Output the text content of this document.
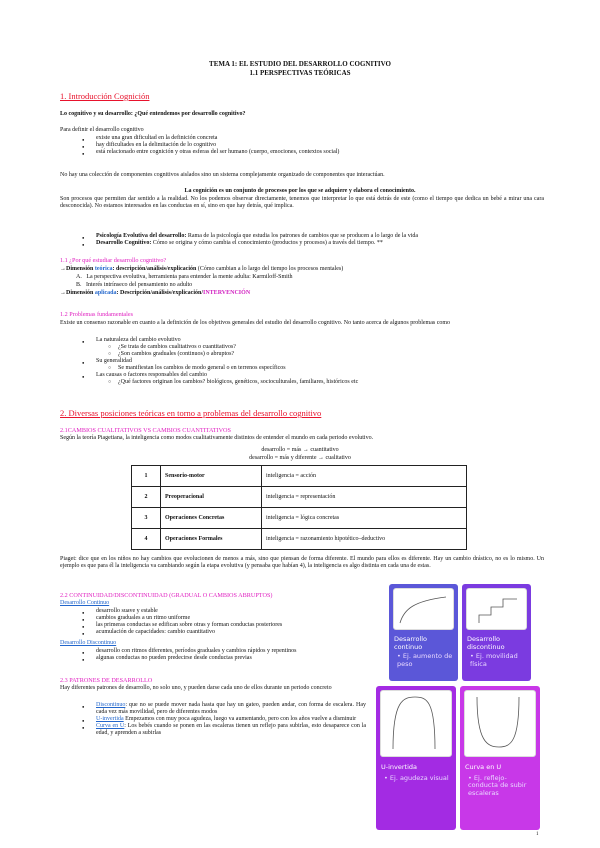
TEMA 1: EL ESTUDIO DEL DESARROLLO COGNITIVO
1.1 PERSPECTIVAS TEÓRICAS
1. Introducción Cognición
Lo cognitivo y su desarrollo: ¿Qué entendemos por desarrollo cognitivo?
Para definir el desarrollo cognitivo
● existe una gran dificultad en la definición concreta
● hay dificultades en la delimitación de lo cognitivo
● está relacionado entre cognición y otras esferas del ser humano (cuerpo, emociones, contextos social)
No hay una colección de componentes cognitivos aislados sino un sistema complejamente organizado de componentes que interactúan.
La cognición es un conjunto de procesos por los que se adquiere y elabora el conocimiento.
Son procesos que permiten dar sentido a la realidad. No los podemos observar directamente, tenemos que interpretar lo que está detrás de este (como el tiempo que dedica un bebé a mirar una cara desconocida). No estamos interesados en las conductas en sí, sino en que hay detrás, qué implica.
● Psicología Evolutiva del desarrollo: Rama de la psicología que estudia los patrones de cambios que se producen a lo largo de la vida
● Desarrollo Cognitivo: Cómo se origina y cómo cambia el conocimiento (productos y procesos) a través del tiempo. **
1.1 ¿Por qué estudiar desarrollo cognitivo?
→Dimensión teórica: descripción/análisis/explicación (Cómo cambian a lo largo del tiempo los procesos mentales)
A. La perspectiva evolutiva, herramienta para entender la mente adulta: Karmiloff-Smith
B. Interés intrínseco del pensamiento no adulto
→Dimensión aplicada: Descripción/análisis/explicación/INTERVENCIÓN
1.2 Problemas fundamentales
Existe un consenso razonable en cuanto a la definición de los objetivos generales del estudio del desarrollo cognitivo. No tanto acerca de algunos problemas como
● La naturaleza del cambio evolutivo
○ ¿Se trata de cambios cualitativos o cuantitativos?
○ ¿Son cambios graduales (continuos) o abruptos?
● Su generalidad
○ Se manifiestan los cambios de modo general o en terrenos específicos
● Las causas o factores responsables del cambio
○ ¿Qué factores originan los cambios? biológicos, genéticos, socioculturales, familiares, históricos etc
2. Diversas posiciones teóricas en torno a problemas del desarrollo cognitivo
2.1CAMBIOS CUALITATIVOS VS CAMBIOS CUANTITATIVOS
Según la teoría Piagetiana, la inteligencia como modos cualitativamente distintos de entender el mundo en cada periodo evolutivo.
desarrollo = más → cuantitativo
desarrollo = más y diferente → cualitativo
1	Sensorio-motor	inteligencia = acción
2	Preoperacional	inteligencia = representación
3	Operaciones Concretas	inteligencia = lógica concretas
4	Operaciones Formales	inteligencia = razonamiento hipotético–deductivo
Piaget: dice que en los niños no hay cambios que evolucionen de menos a más, sino que piensan de forma diferente. El mundo para ellos es diferente. Hay un cambio drástico, no es lo mismo. Un ejemplo es que para él la inteligencia va cambiando según la etapa evolutiva (y pensaba que habían 4), la inteligencia es algo distinta en cada una de estas.
2.2 CONTINUIDAD/DISCONTINUIDAD (GRADUAL O CAMBIOS ABRUPTOS)
Desarrollo Continuo
● desarrollo suave y estable
● cambios graduales a un ritmo uniforme
● las primeras conductas se edifican sobre otras y forman conductas posteriores
● acumulación de capacidades: cambio cuantitativo
Desarrollo Discontinuo
● desarrollo con ritmos diferentes, períodos graduales y cambios rápidos y repentinos
● algunas conductas no pueden predecirse desde conductas previas
2.3 PATRONES DE DESARROLLO
Hay diferentes patrones de desarrollo, no solo uno, y pueden darse cada uno de ellos durante un periodo concreto
● Discontinuo: que no se puede mover nada hasta que hay un gateo, pueden andar, con forma de escalera. Hay cada vez más movilidad, pero de diferentes modos
● U-invertida Empezamos con muy poca agudeza, luego va aumentando, pero con los años vuelve a disminuir
● Curva en U: Los bebés cuando se ponen en las escaleras tienen un reflejo para subirlas, esto desaparece con la edad, y aprenden a subirlas
Desarrollo continuo
• Ej. aumento de peso
Desarrollo discontinuo
• Ej. movilidad física
U-invertida
• Ej. agudeza visual
Curva en U
• Ej. reflejo-conducta de subir escaleras
1
